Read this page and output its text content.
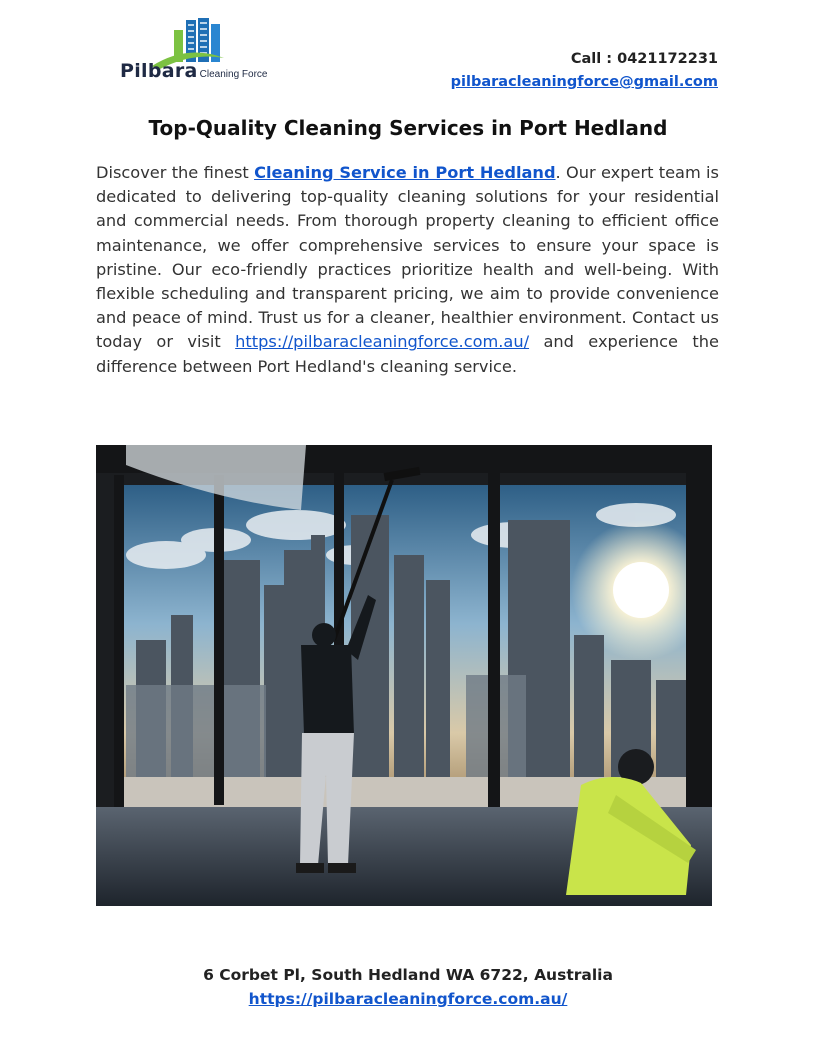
Pilbara Cleaning Force
Call : 0421172231
pilbaracleaningforce@gmail.com
Top-Quality Cleaning Services in Port Hedland

Discover the finest Cleaning Service in Port Hedland. Our expert team is dedicated to delivering top-quality cleaning solutions for your residential and commercial needs. From thorough property cleaning to efficient office maintenance, we offer comprehensive services to ensure your space is pristine. Our eco-friendly practices prioritize health and well-being. With flexible scheduling and transparent pricing, we aim to provide convenience and peace of mind. Trust us for a cleaner, healthier environment. Contact us today or visit https://pilbaracleaningforce.com.au/ and experience the difference between Port Hedland's cleaning service.

6 Corbet Pl, South Hedland WA 6722, Australia
https://pilbaracleaningforce.com.au/
